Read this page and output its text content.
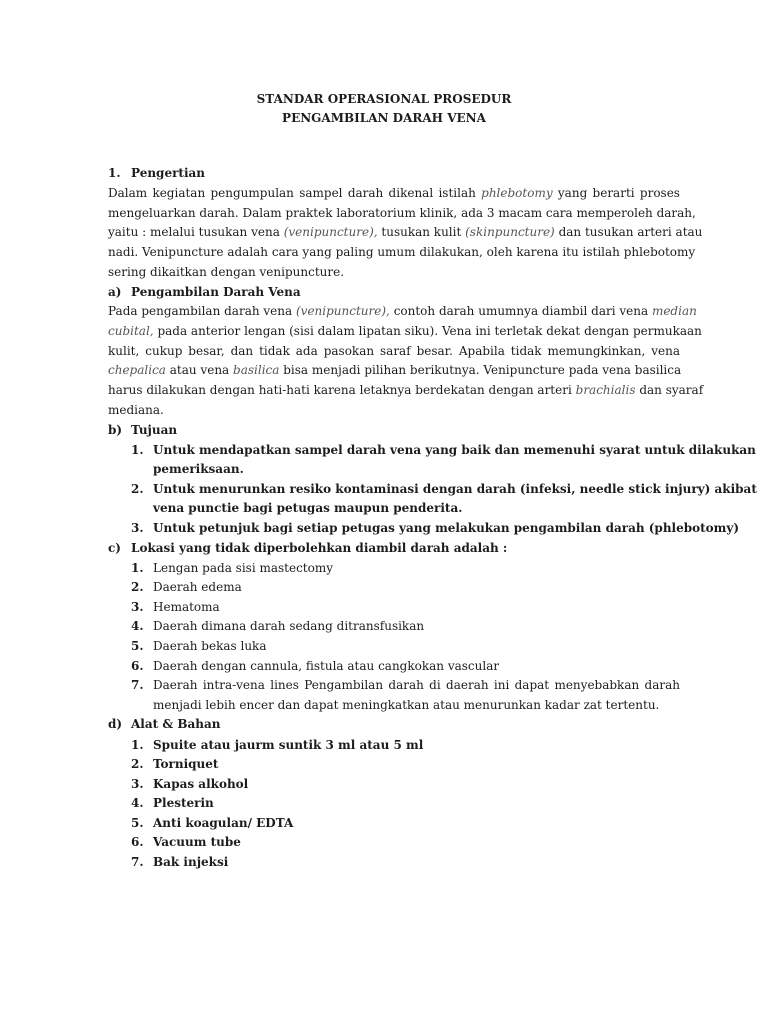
STANDAR OPERASIONAL PROSEDUR
PENGAMBILAN DARAH VENA
1. Pengertian
Dalam kegiatan pengumpulan sampel darah dikenal istilah phlebotomy yang berarti proses
mengeluarkan darah. Dalam praktek laboratorium klinik, ada 3 macam cara memperoleh darah,
yaitu : melalui tusukan vena (venipuncture), tusukan kulit (skinpuncture) dan tusukan arteri atau
nadi. Venipuncture adalah cara yang paling umum dilakukan, oleh karena itu istilah phlebotomy
sering dikaitkan dengan venipuncture.
a) Pengambilan Darah Vena
Pada pengambilan darah vena (venipuncture), contoh darah umumnya diambil dari vena median
cubital, pada anterior lengan (sisi dalam lipatan siku). Vena ini terletak dekat dengan permukaan
kulit, cukup besar, dan tidak ada pasokan saraf besar. Apabila tidak memungkinkan, vena
chepalica atau vena basilica bisa menjadi pilihan berikutnya. Venipuncture pada vena basilica
harus dilakukan dengan hati-hati karena letaknya berdekatan dengan arteri brachialis dan syaraf
mediana.
b) Tujuan
1. Untuk mendapatkan sampel darah vena yang baik dan memenuhi syarat untuk dilakukan
pemeriksaan.
2. Untuk menurunkan resiko kontaminasi dengan darah (infeksi, needle stick injury) akibat
vena punctie bagi petugas maupun penderita.
3. Untuk petunjuk bagi setiap petugas yang melakukan pengambilan darah (phlebotomy)
c) Lokasi yang tidak diperbolehkan diambil darah adalah :
1. Lengan pada sisi mastectomy
2. Daerah edema
3. Hematoma
4. Daerah dimana darah sedang ditransfusikan
5. Daerah bekas luka
6. Daerah dengan cannula, fistula atau cangkokan vascular
7. Daerah intra-vena lines Pengambilan darah di daerah ini dapat menyebabkan darah
menjadi lebih encer dan dapat meningkatkan atau menurunkan kadar zat tertentu.
d) Alat & Bahan
1. Spuite atau jaurm suntik 3 ml atau 5 ml
2. Torniquet
3. Kapas alkohol
4. Plesterin
5. Anti koagulan/ EDTA
6. Vacuum tube
7. Bak injeksi
